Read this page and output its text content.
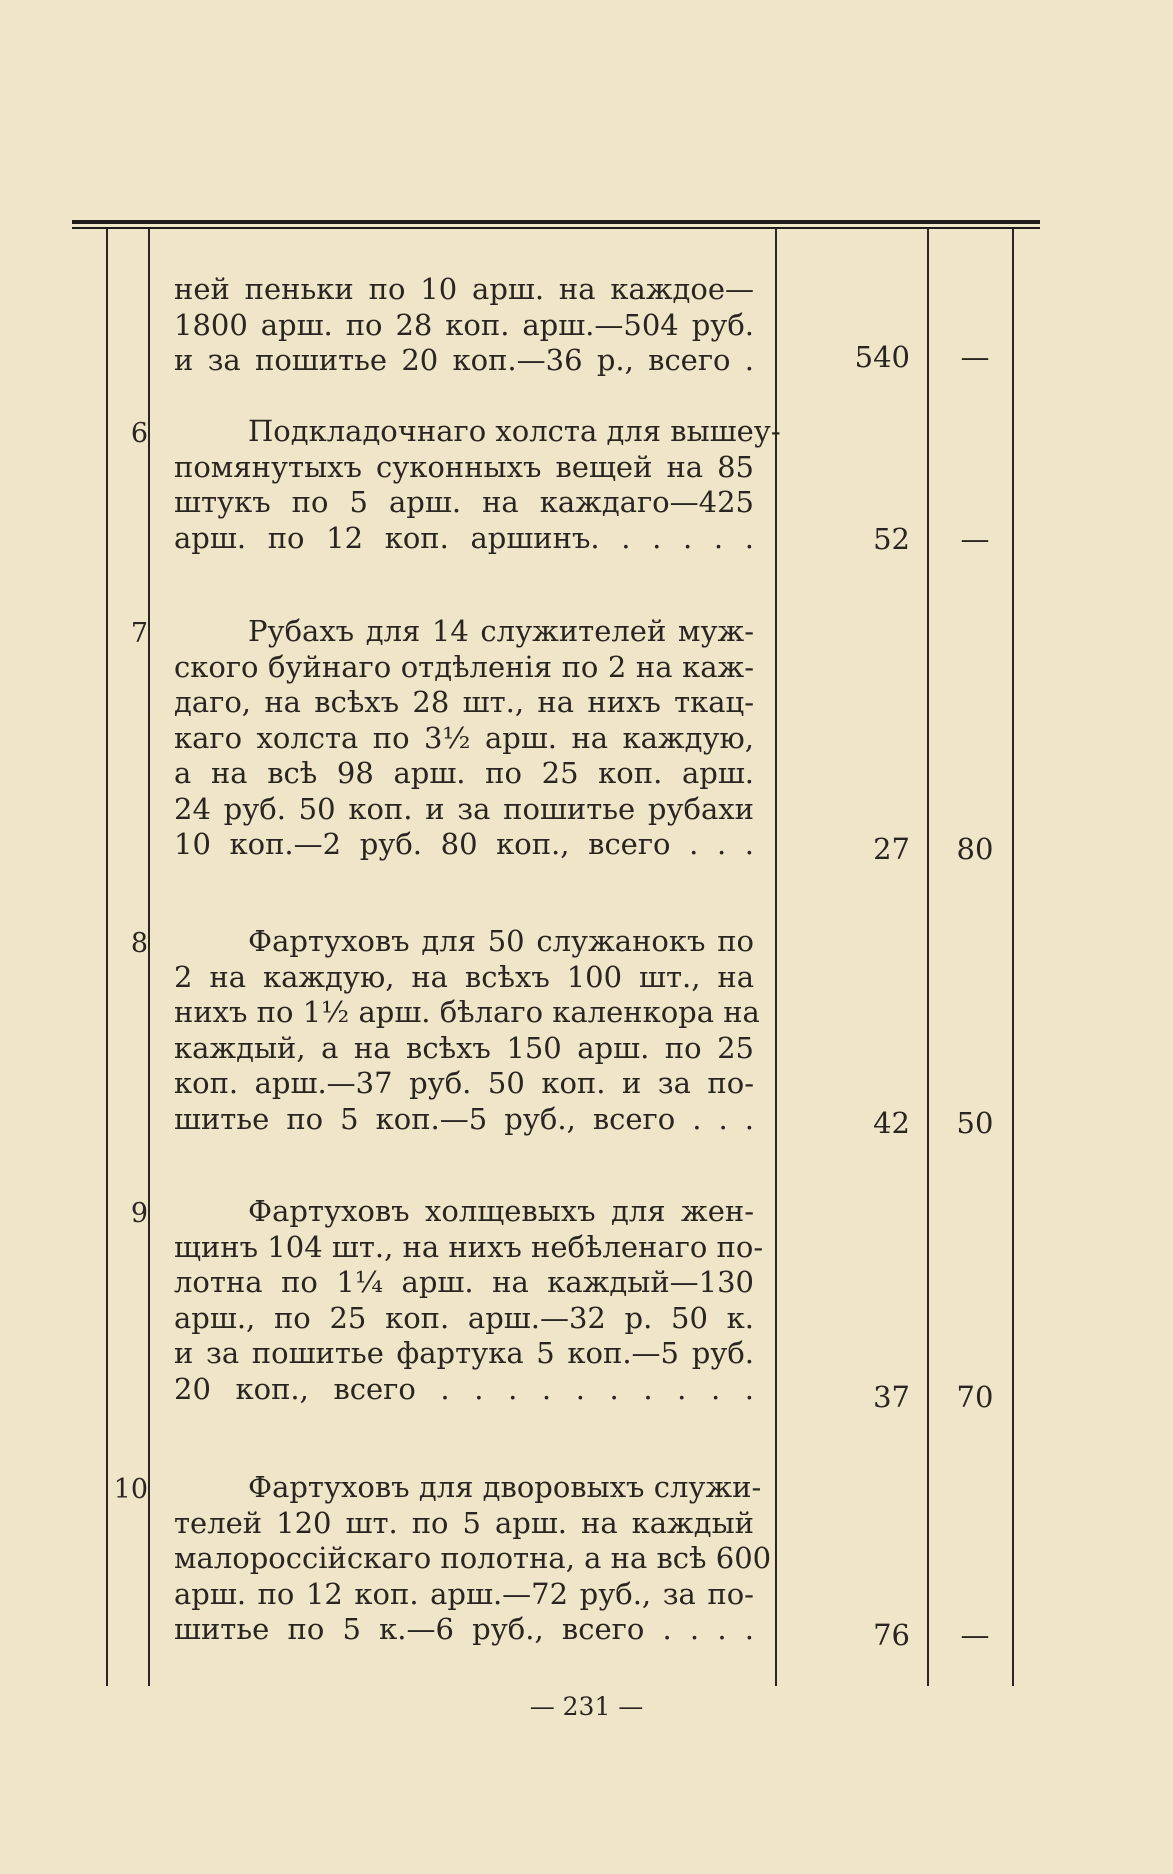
ней пеньки по 10 арш. на каждое—
1800 арш. по 28 коп. арш.—504 руб.
и за пошитье 20 коп.—36 р., всего .	540	—
6	Подкладочнаго холста для вышеу-
помянутыхъ суконныхъ вещей на 85
штукъ по 5 арш. на каждаго—425
арш. по 12 коп. аршинъ. . . . . .	52	—
7	Рубахъ для 14 служителей муж-
ского буйнаго отдѣленія по 2 на каж-
даго, на всѣхъ 28 шт., на нихъ ткац-
каго холста по 3½ арш. на каждую,
а на всѣ 98 арш. по 25 коп. арш.
24 руб. 50 коп. и за пошитье рубахи
10 коп.—2 руб. 80 коп., всего . . .	27	80
8	Фартуховъ для 50 служанокъ по
2 на каждую, на всѣхъ 100 шт., на
нихъ по 1½ арш. бѣлаго каленкора на
каждый, а на всѣхъ 150 арш. по 25
коп. арш.—37 руб. 50 коп. и за по-
шитье по 5 коп.—5 руб., всего . . .	42	50
9	Фартуховъ холщевыхъ для жен-
щинъ 104 шт., на нихъ небѣленаго по-
лотна по 1¼ арш. на каждый—130
арш., по 25 коп. арш.—32 р. 50 к.
и за пошитье фартука 5 коп.—5 руб.
20 коп., всего . . . . . . . . . .	37	70
10	Фартуховъ для дворовыхъ служи-
телей 120 шт. по 5 арш. на каждый
малороссійскаго полотна, а на всѣ 600
арш. по 12 коп. арш.—72 руб., за по-
шитье по 5 к.—6 руб., всего . . . .	76	—
— 231 —
